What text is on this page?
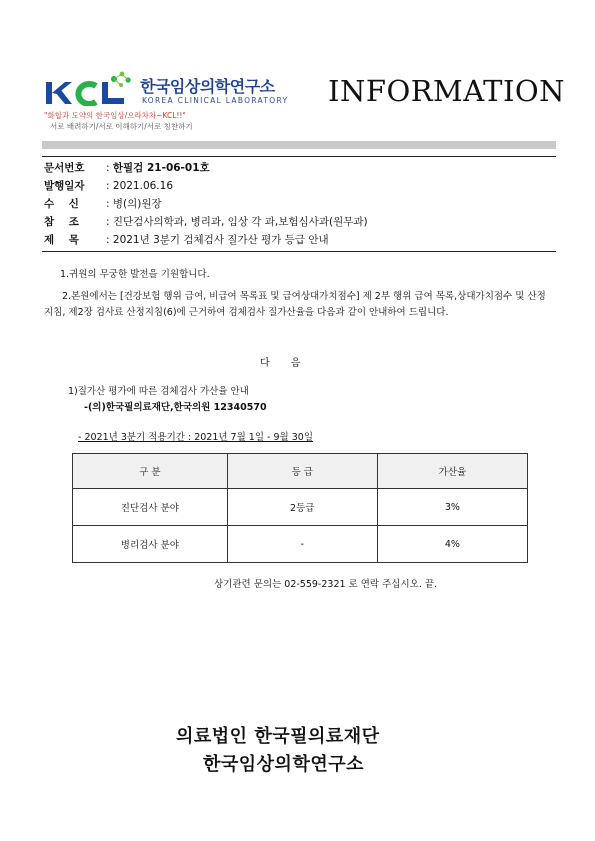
한국임상의학연구소
KOREA CLINICAL LABORATORY
"화합과 도약의 한국임상/으라차차~KCL!!"
서로 배려하기/서로 이해하기/서로 칭찬하기
INFORMATION
문서번호 : 한필검 21-06-01호
발행일자 : 2021.06.16
수    신	: 병(의)원장
참    조	: 진단검사의학과, 병리과, 임상 각 과,보험심사과(원무과)
제    목	: 2021년 3분기 검체검사 질가산 평가 등급 안내
1.귀원의 무궁한 발전을 기원합니다.
2.본원에서는 [건강보험 행위 급여, 비급여 목록표 및 급여상대가치점수] 제 2부 행위 급여 목록,상대가치점수 및 산정지침, 제2장 검사료 산정지침(6)에 근거하여 검체검사 질가산율을 다음과 같이 안내하여 드립니다.
다 음
1)질가산 평가에 따른 검체검사 가산율 안내
-(의)한국필의료재단,한국의원 12340570
- 2021년 3분기 적용기간 : 2021년 7월 1일 - 9월 30일
구 분	등 급	가산율
진단검사 분야	2등급	3%
병리검사 분야	-	4%
상기관련 문의는 02-559-2321 로 연락 주십시오. 끝.
의료법인 한국필의료재단
한국임상의학연구소
